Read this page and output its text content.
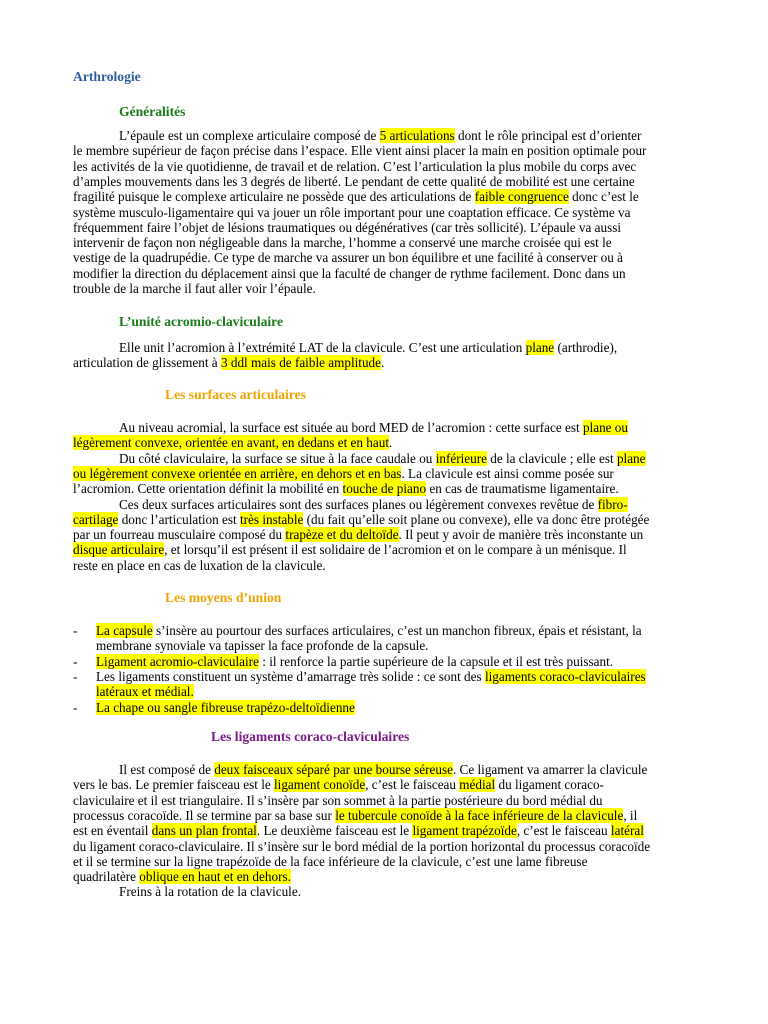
Arthrologie
Généralités
L’unité acromio-claviculaire
Les surfaces articulaires
Les moyens d’union
Les ligaments coraco-claviculaires
L’épaule est un complexe articulaire composé de 5 articulations dont le rôle principal est d’orienter
le membre supérieur de façon précise dans l’espace. Elle vient ainsi placer la main en position optimale pour
les activités de la vie quotidienne, de travail et de relation. C’est l’articulation la plus mobile du corps avec
d’amples mouvements dans les 3 degrés de liberté. Le pendant de cette qualité de mobilité est une certaine
fragilité puisque le complexe articulaire ne possède que des articulations de faible congruence donc c’est le
système musculo-ligamentaire qui va jouer un rôle important pour une coaptation efficace. Ce système va
fréquemment faire l’objet de lésions traumatiques ou dégénératives (car très sollicité). L’épaule va aussi
intervenir de façon non négligeable dans la marche, l’homme a conservé une marche croisée qui est le
vestige de la quadrupédie. Ce type de marche va assurer un bon équilibre et une facilité à conserver ou à
modifier la direction du déplacement ainsi que la faculté de changer de rythme facilement. Donc dans un
trouble de la marche il faut aller voir l’épaule.
Elle unit l’acromion à l’extrémité LAT de la clavicule. C’est une articulation plane (arthrodie),
articulation de glissement à 3 ddl mais de faible amplitude.
Au niveau acromial, la surface est située au bord MED de l’acromion : cette surface est plane ou
légèrement convexe, orientée en avant, en dedans et en haut.
Du côté claviculaire, la surface se situe à la face caudale ou inférieure de la clavicule ; elle est plane
ou légèrement convexe orientée en arrière, en dehors et en bas. La clavicule est ainsi comme posée sur
l’acromion. Cette orientation définit la mobilité en touche de piano en cas de traumatisme ligamentaire.
Ces deux surfaces articulaires sont des surfaces planes ou légèrement convexes revêtue de fibro-
cartilage donc l’articulation est très instable (du fait qu’elle soit plane ou convexe), elle va donc être protégée
par un fourreau musculaire composé du trapèze et du deltoïde. Il peut y avoir de manière très inconstante un
disque articulaire, et lorsqu’il est présent il est solidaire de l’acromion et on le compare à un ménisque. Il
reste en place en cas de luxation de la clavicule.
- La capsule s’insère au pourtour des surfaces articulaires, c’est un manchon fibreux, épais et résistant, la
membrane synoviale va tapisser la face profonde de la capsule.
- Ligament acromio-claviculaire : il renforce la partie supérieure de la capsule et il est très puissant.
- Les ligaments constituent un système d’amarrage très solide : ce sont des ligaments coraco-claviculaires
latéraux et médial.
- La chape ou sangle fibreuse trapézo-deltoïdienne
Il est composé de deux faisceaux séparé par une bourse séreuse. Ce ligament va amarrer la clavicule
vers le bas. Le premier faisceau est le ligament conoïde, c’est le faisceau médial du ligament coraco-
claviculaire et il est triangulaire. Il s’insère par son sommet à la partie postérieure du bord médial du
processus coracoïde. Il se termine par sa base sur le tubercule conoïde à la face inférieure de la clavicule, il
est en éventail dans un plan frontal. Le deuxième faisceau est le ligament trapézoïde, c’est le faisceau latéral
du ligament coraco-claviculaire. Il s’insère sur le bord médial de la portion horizontal du processus coracoïde
et il se termine sur la ligne trapézoïde de la face inférieure de la clavicule, c’est une lame fibreuse
quadrilatère oblique en haut et en dehors.
Freins à la rotation de la clavicule.
